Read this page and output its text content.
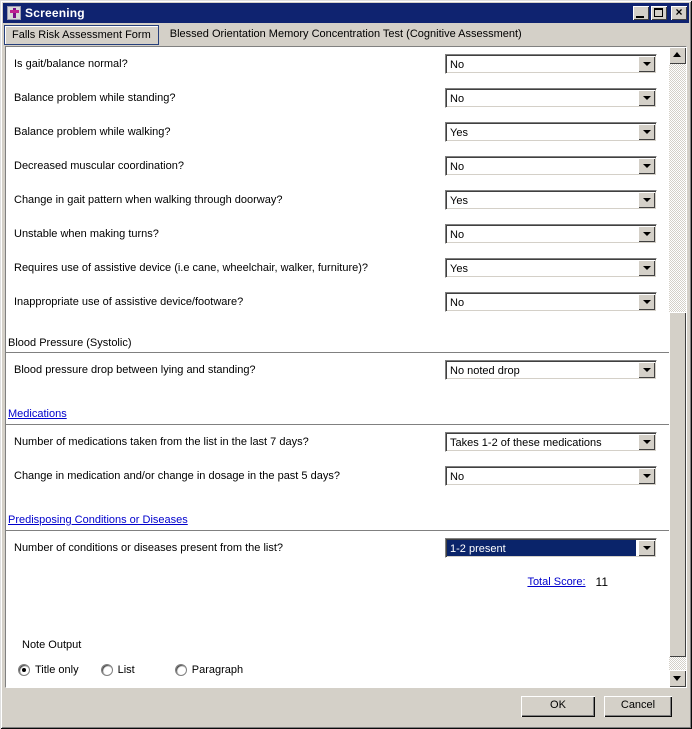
Screening	×
Falls Risk Assessment Form	Blessed Orientation Memory Concentration Test (Cognitive Assessment)
Is gait/balance normal?	No
Balance problem while standing?	No
Balance problem while walking?	Yes
Decreased muscular coordination?	No
Change in gait pattern when walking through doorway?	Yes
Unstable when making turns?	No
Requires use of assistive device (i.e cane, wheelchair, walker, furniture)?	Yes
Inappropriate use of assistive device/footware?	No
Blood Pressure (Systolic)
Blood pressure drop between lying and standing?	No noted drop
Medications
Number of medications taken from the list in the last 7 days?	Takes 1-2 of these medications
Change in medication and/or change in dosage in the past 5 days?	No
Predisposing Conditions or Diseases
Number of conditions or diseases present from the list?	1-2 present
Total Score: 11
Note Output
Title only	List	Paragraph
OK	Cancel
